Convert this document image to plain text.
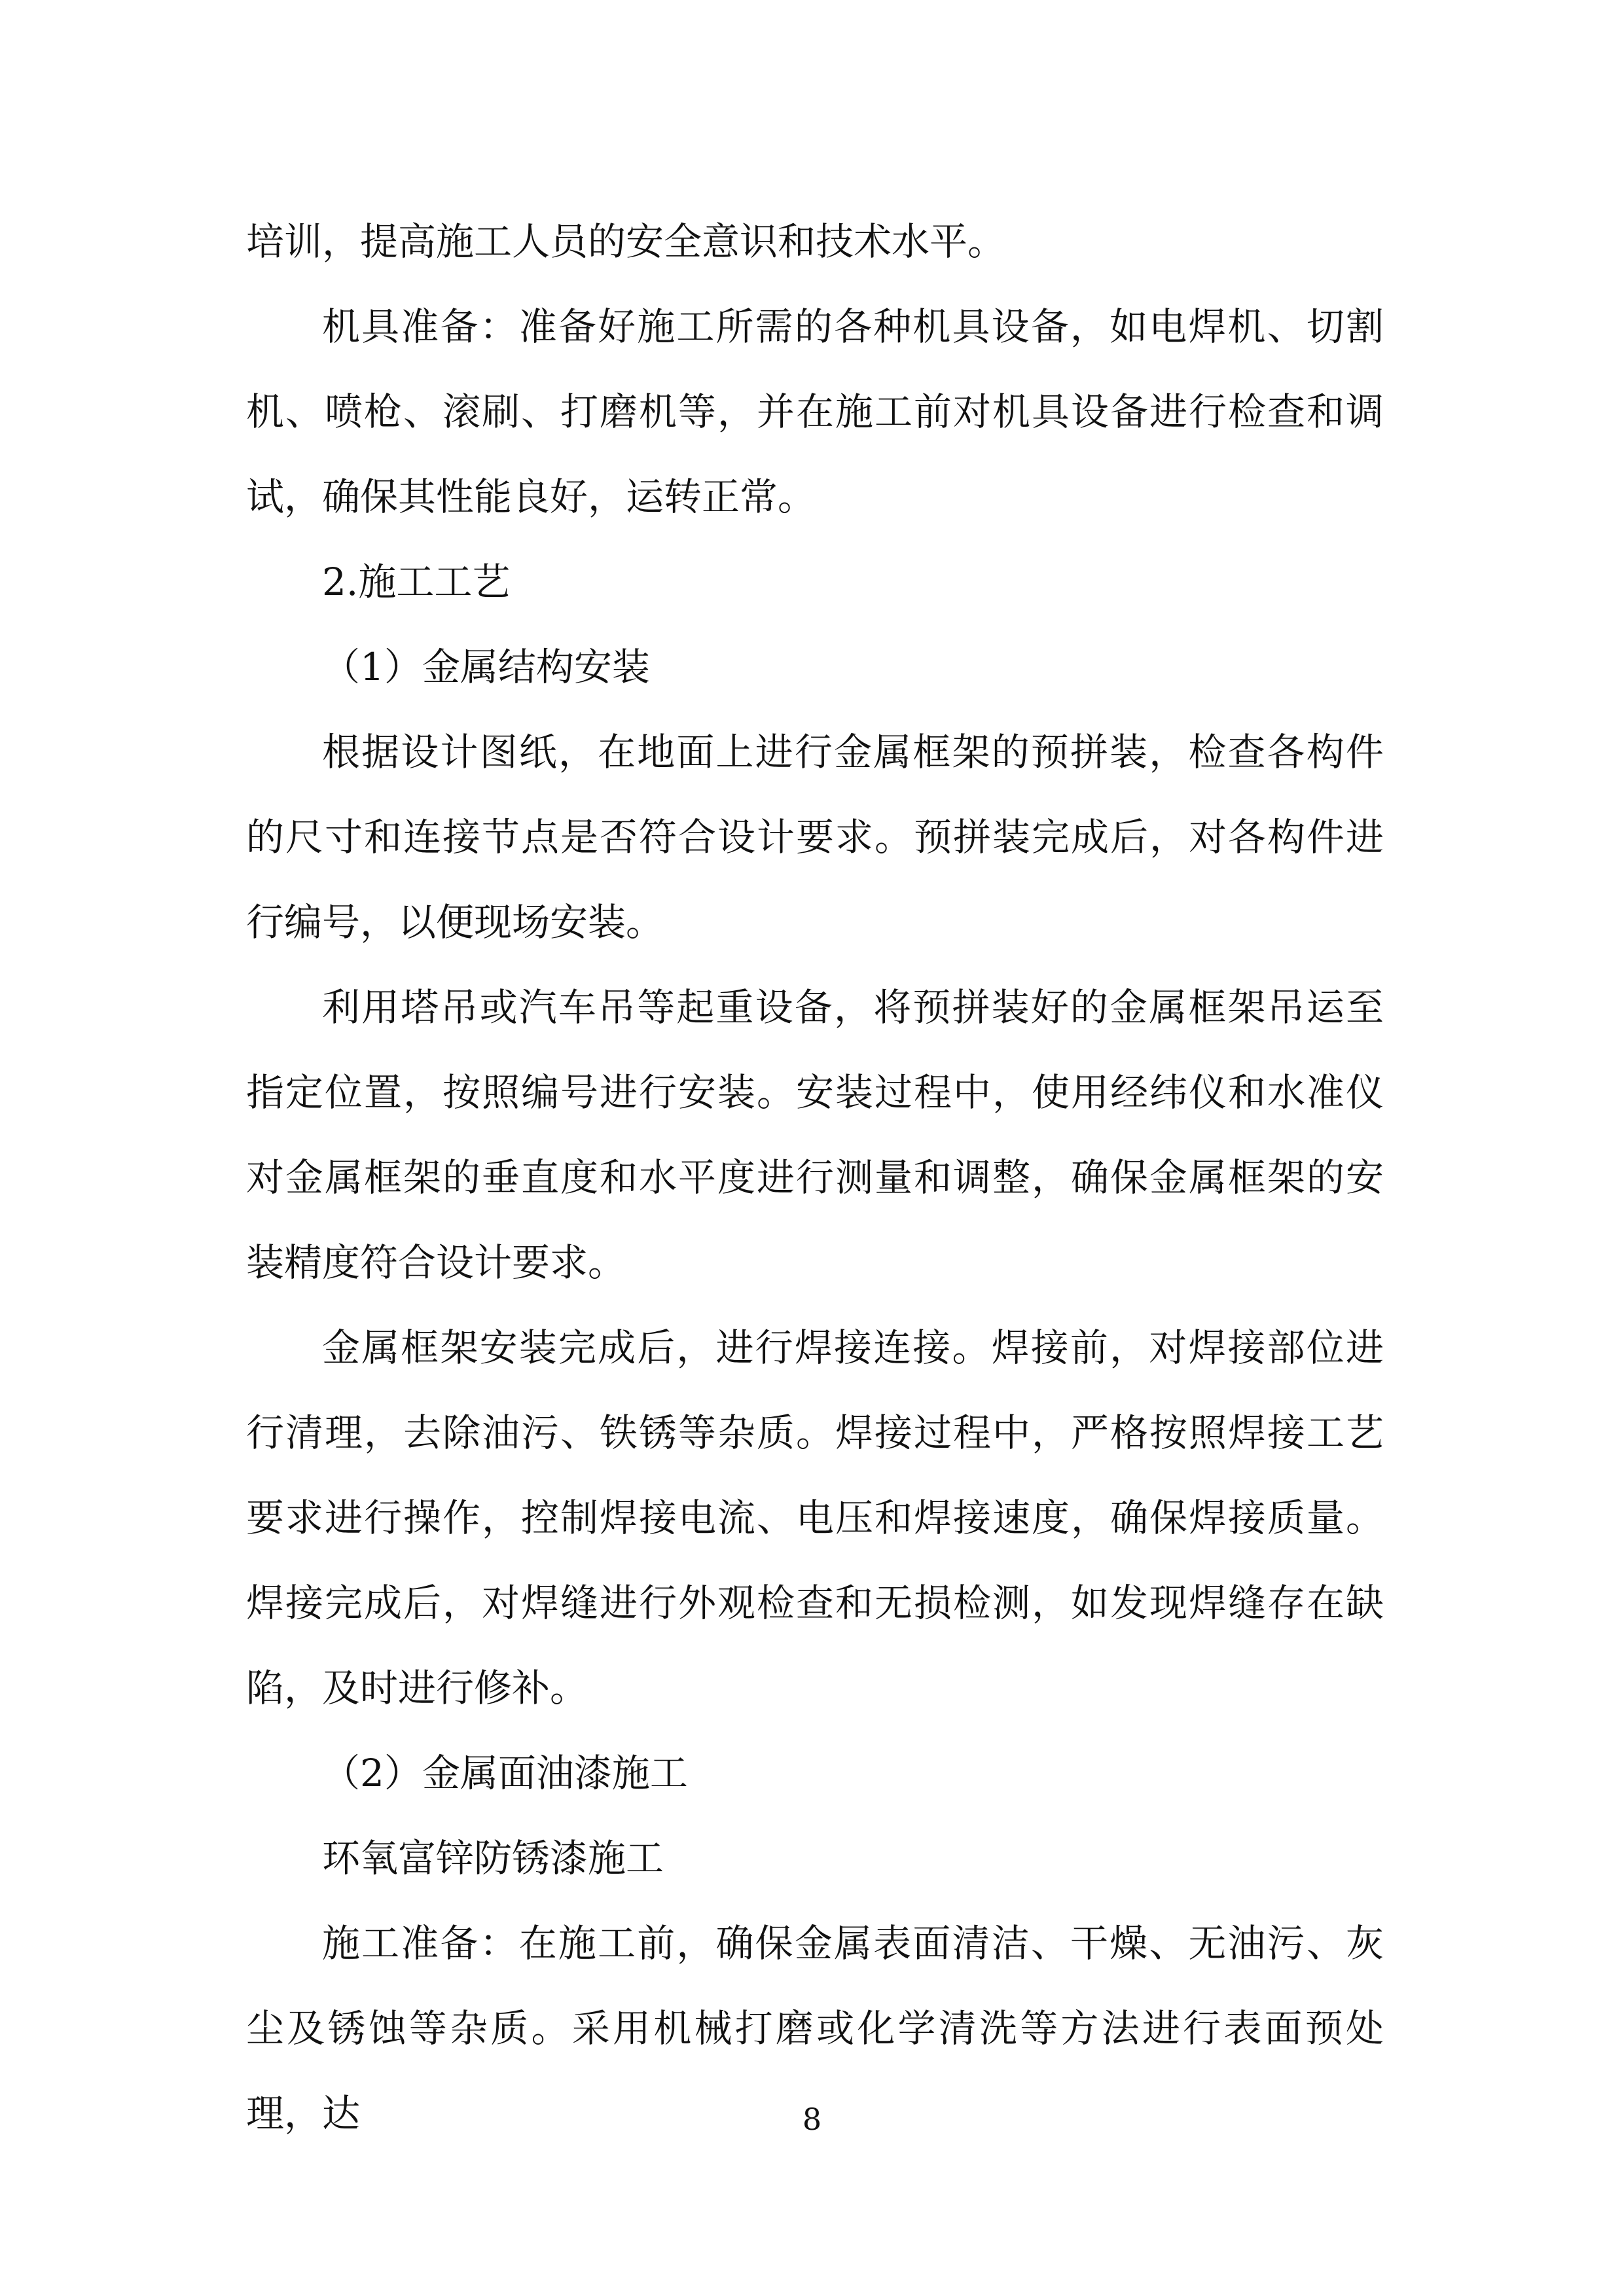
培训，提高施工人员的安全意识和技术水平。

机具准备：准备好施工所需的各种机具设备，如电焊机、切割机、喷枪、滚刷、打磨机等，并在施工前对机具设备进行检查和调试，确保其性能良好，运转正常。

2.施工工艺

（1）金属结构安装

根据设计图纸，在地面上进行金属框架的预拼装，检查各构件的尺寸和连接节点是否符合设计要求。预拼装完成后，对各构件进行编号，以便现场安装。

利用塔吊或汽车吊等起重设备，将预拼装好的金属框架吊运至指定位置，按照编号进行安装。安装过程中，使用经纬仪和水准仪对金属框架的垂直度和水平度进行测量和调整，确保金属框架的安装精度符合设计要求。

金属框架安装完成后，进行焊接连接。焊接前，对焊接部位进行清理，去除油污、铁锈等杂质。焊接过程中，严格按照焊接工艺要求进行操作，控制焊接电流、电压和焊接速度，确保焊接质量。焊接完成后，对焊缝进行外观检查和无损检测，如发现焊缝存在缺陷，及时进行修补。

（2）金属面油漆施工

环氧富锌防锈漆施工

施工准备：在施工前，确保金属表面清洁、干燥、无油污、灰尘及锈蚀等杂质。采用机械打磨或化学清洗等方法进行表面预处理，达	8
